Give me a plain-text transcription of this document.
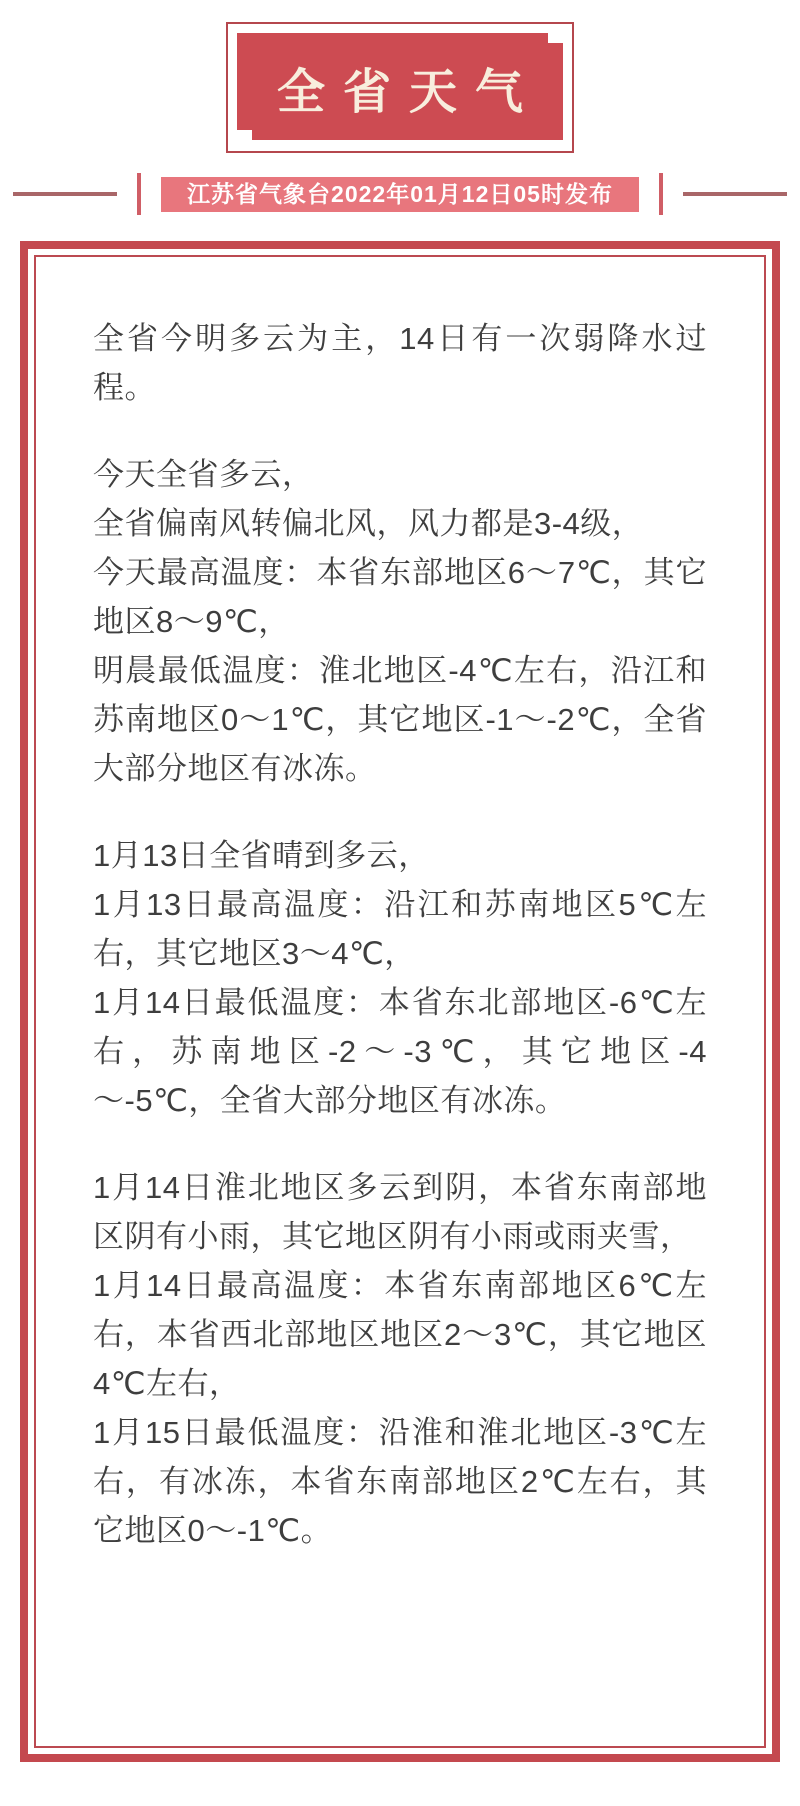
全省天气
江苏省气象台2022年01月12日05时发布
全省今明多云为主，14日有一次弱降水过程。
今天全省多云，
全省偏南风转偏北风，风力都是3-4级，
今天最高温度：本省东部地区6～7℃，其它地区8～9℃，
明晨最低温度：淮北地区-4℃左右，沿江和苏南地区0～1℃，其它地区-1～-2℃，全省大部分地区有冰冻。
1月13日全省晴到多云，
1月13日最高温度：沿江和苏南地区5℃左右，其它地区3～4℃，
1月14日最低温度：本省东北部地区-6℃左右，苏南地区-2～-3℃，其它地区-4～-5℃，全省大部分地区有冰冻。
1月14日淮北地区多云到阴，本省东南部地区阴有小雨，其它地区阴有小雨或雨夹雪，
1月14日最高温度：本省东南部地区6℃左右，本省西北部地区地区2～3℃，其它地区4℃左右，
1月15日最低温度：沿淮和淮北地区-3℃左右，有冰冻，本省东南部地区2℃左右，其它地区0～-1℃。
